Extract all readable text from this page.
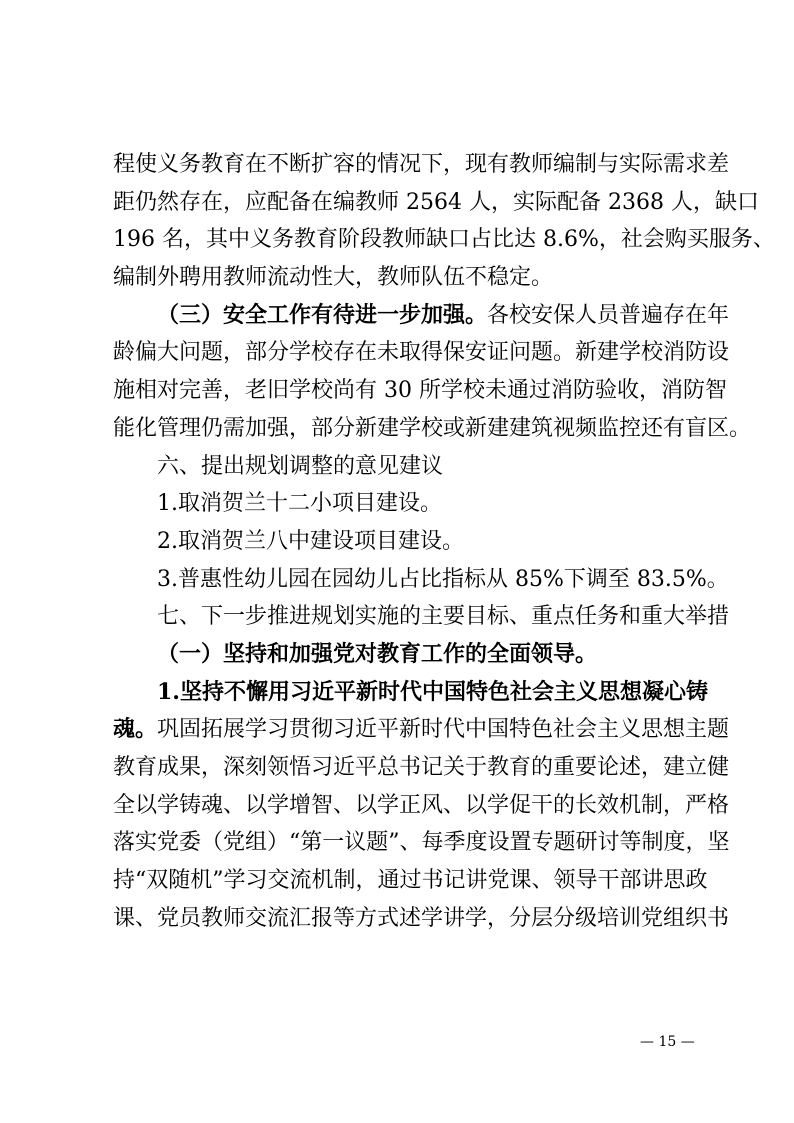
程使义务教育在不断扩容的情况下，现有教师编制与实际需求差
距仍然存在，应配备在编教师 2564 人，实际配备 2368 人，缺口
196 名，其中义务教育阶段教师缺口占比达 8.6%，社会购买服务、
编制外聘用教师流动性大，教师队伍不稳定。
（三）安全工作有待进一步加强。各校安保人员普遍存在年
龄偏大问题，部分学校存在未取得保安证问题。新建学校消防设
施相对完善，老旧学校尚有 30 所学校未通过消防验收，消防智
能化管理仍需加强，部分新建学校或新建建筑视频监控还有盲区。
六、提出规划调整的意见建议
1.取消贺兰十二小项目建设。
2.取消贺兰八中建设项目建设。
3.普惠性幼儿园在园幼儿占比指标从 85%下调至 83.5%。
七、下一步推进规划实施的主要目标、重点任务和重大举措
（一）坚持和加强党对教育工作的全面领导。
1.坚持不懈用习近平新时代中国特色社会主义思想凝心铸
魂。巩固拓展学习贯彻习近平新时代中国特色社会主义思想主题
教育成果，深刻领悟习近平总书记关于教育的重要论述，建立健
全以学铸魂、以学增智、以学正风、以学促干的长效机制，严格
落实党委（党组）“第一议题”、每季度设置专题研讨等制度，坚
持“双随机”学习交流机制，通过书记讲党课、领导干部讲思政
课、党员教师交流汇报等方式述学讲学，分层分级培训党组织书
— 15 —
